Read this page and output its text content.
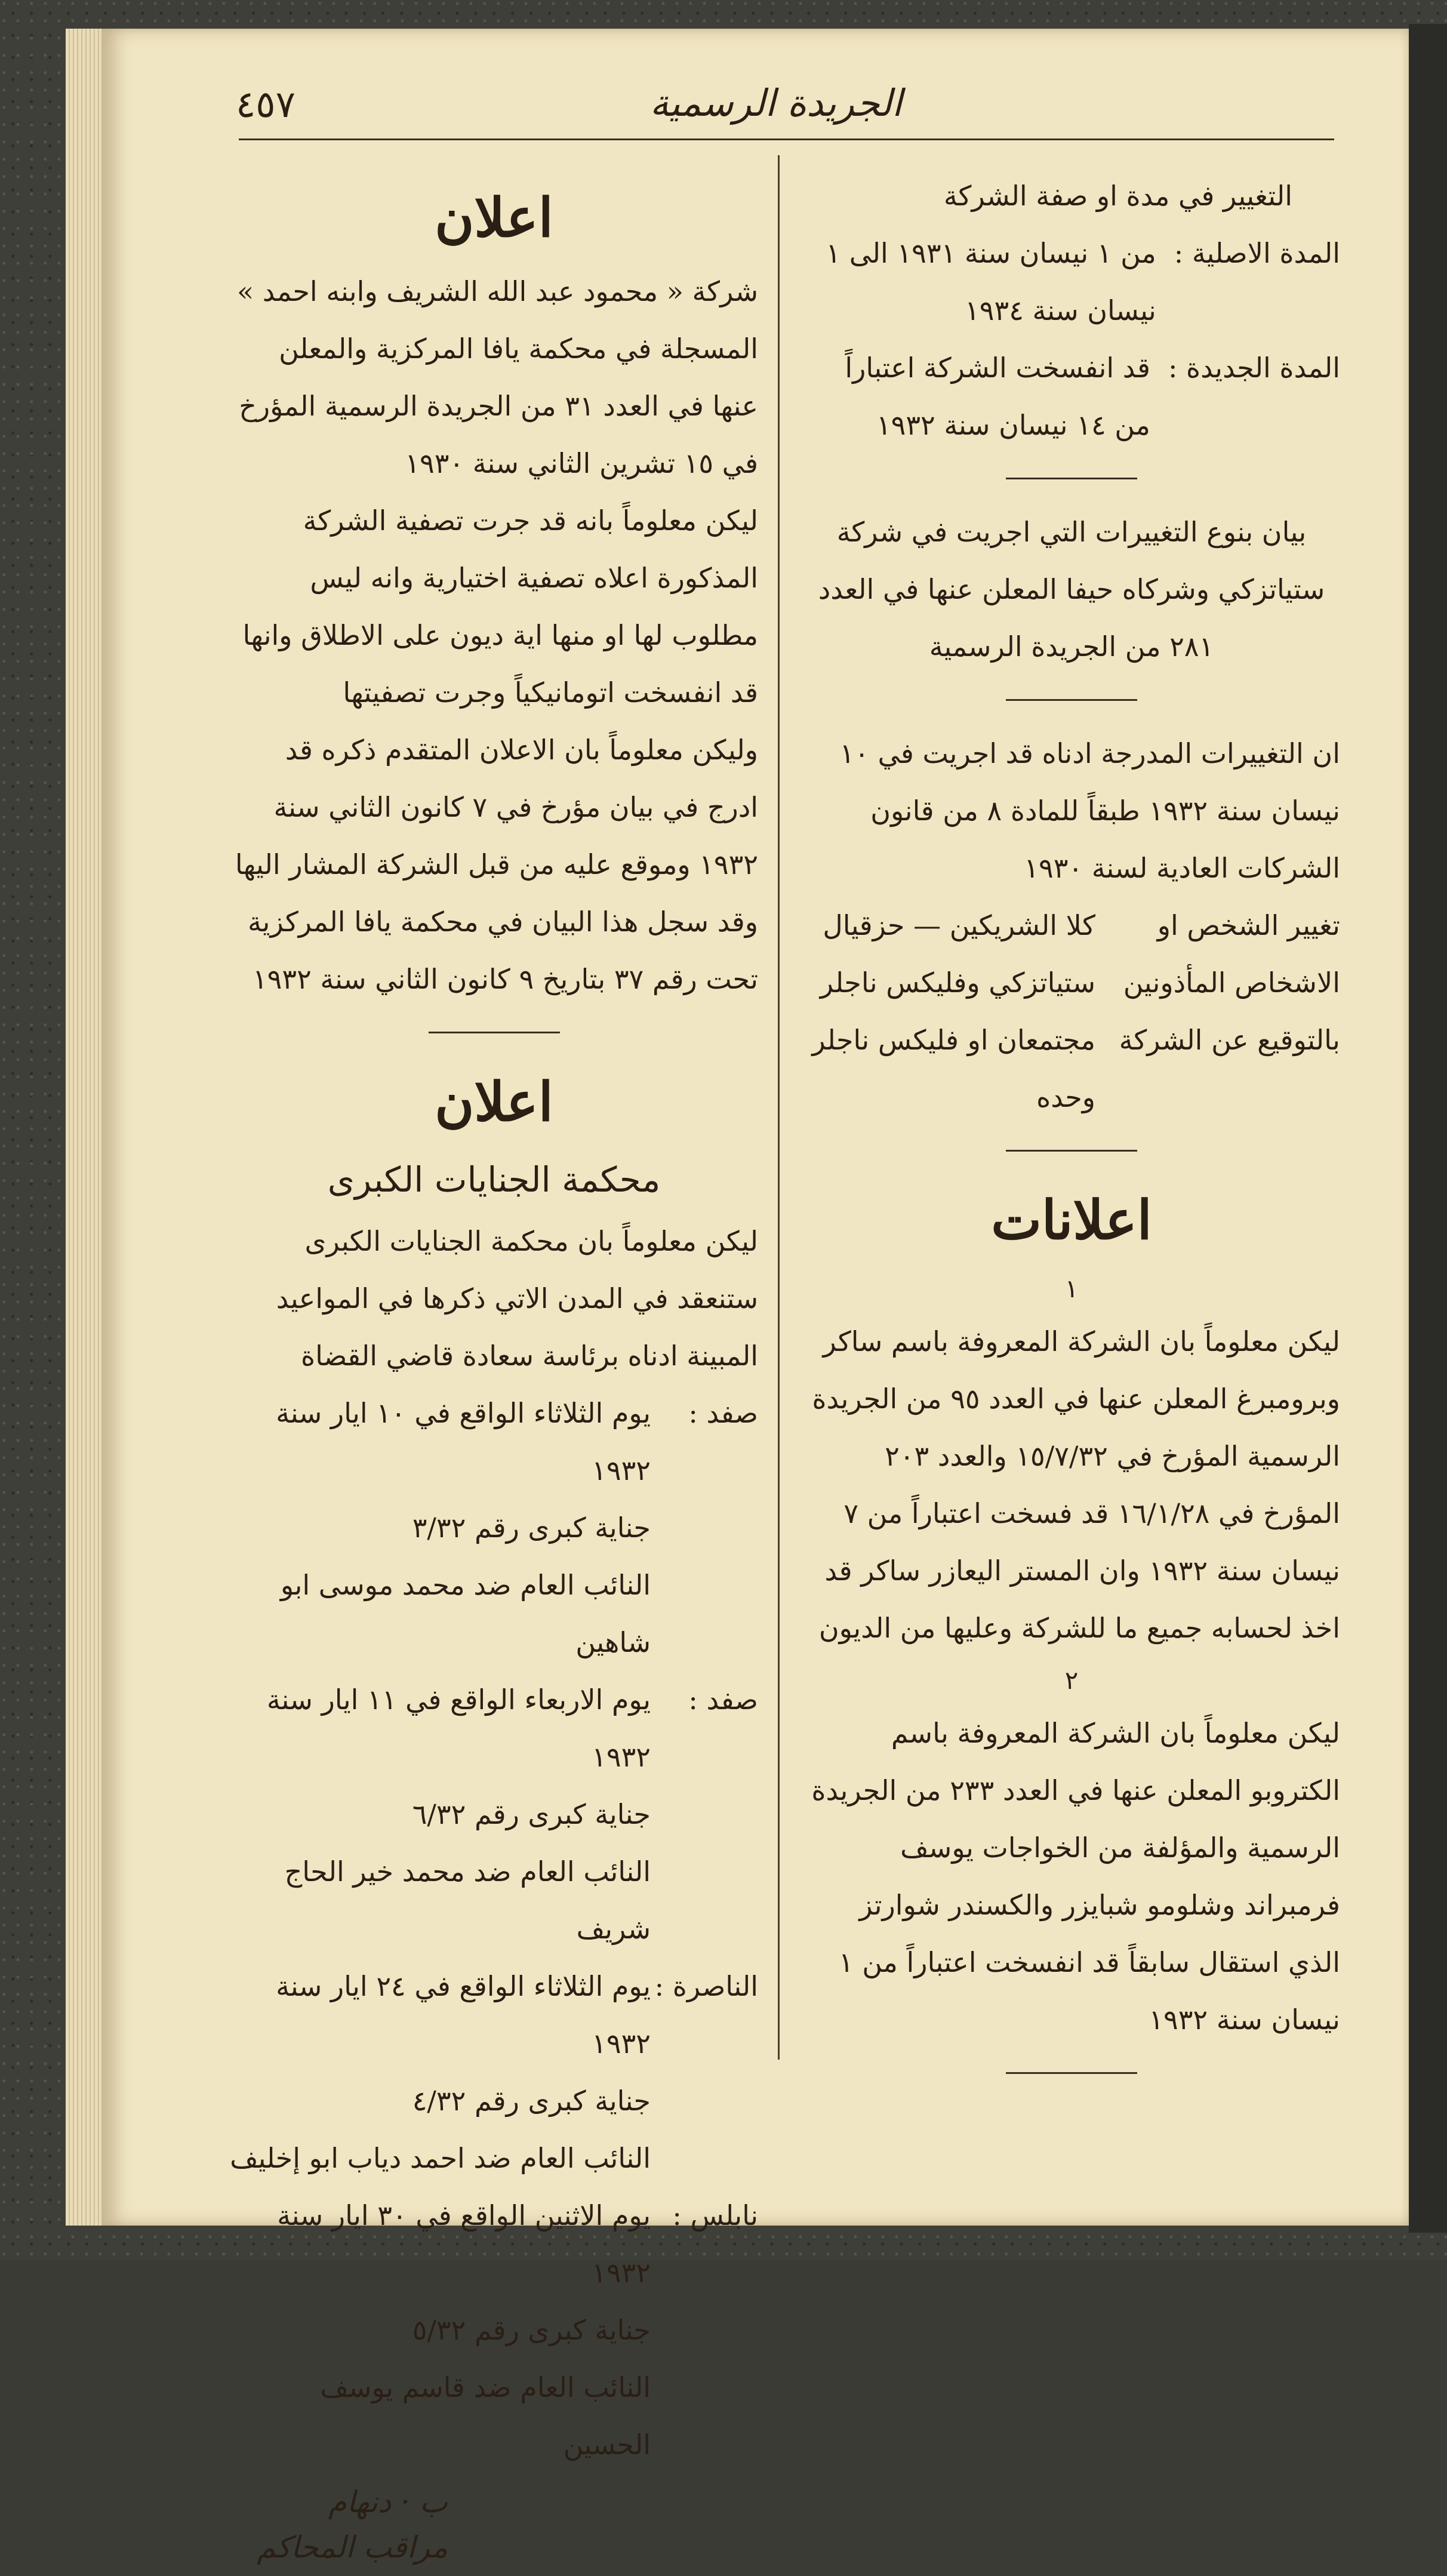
٤٥٧	الجريدة الرسمية

التغيير في مدة او صفة الشركة

المدة الاصلية :
من ١ نيسان سنة ١٩٣١ الى ١ نيسان سنة ١٩٣٤
المدة الجديدة :
قد انفسخت الشركة اعتباراً من ١٤ نيسان سنة ١٩٣٢

بيان بنوع التغييرات التي اجريت في شركة ستياتزكي وشركاه حيفا المعلن عنها في العدد ٢٨١ من الجريدة الرسمية

ان التغييرات المدرجة ادناه قد اجريت في ١٠ نيسان سنة ١٩٣٢ طبقاً للمادة ٨ من قانون الشركات العادية لسنة ١٩٣٠

تغيير الشخص او الاشخاص المأذونين بالتوقيع عن الشركة
كلا الشريكين — حزقيال ستياتزكي وفليكس ناجلر مجتمعان او فليكس ناجلر وحده

اعلانات

١

ليكن معلوماً بان الشركة المعروفة باسم ساكر وبرومبرغ المعلن عنها في العدد ٩٥ من الجريدة الرسمية المؤرخ في ١٥/٧/٣٢ والعدد ٢٠٣ المؤرخ في ١٦/١/٢٨ قد فسخت اعتباراً من ٧ نيسان سنة ١٩٣٢ وان المستر اليعازر ساكر قد اخذ لحسابه جميع ما للشركة وعليها من الديون

٢

ليكن معلوماً بان الشركة المعروفة باسم الكتروبو المعلن عنها في العدد ٢٣٣ من الجريدة الرسمية والمؤلفة من الخواجات يوسف فرمبراند وشلومو شبايزر والكسندر شوارتز الذي استقال سابقاً قد انفسخت اعتباراً من ١ نيسان سنة ١٩٣٢

اعلان

شركة « محمود عبد الله الشريف وابنه احمد » المسجلة في محكمة يافا المركزية والمعلن عنها في العدد ٣١ من الجريدة الرسمية المؤرخ في ١٥ تشرين الثاني سنة ١٩٣٠

ليكن معلوماً بانه قد جرت تصفية الشركة المذكورة اعلاه تصفية اختيارية وانه ليس مطلوب لها او منها اية ديون على الاطلاق وانها قد انفسخت اتومانيكياً وجرت تصفيتها

وليكن معلوماً بان الاعلان المتقدم ذكره قد ادرج في بيان مؤرخ في ٧ كانون الثاني سنة ١٩٣٢ وموقع عليه من قبل الشركة المشار اليها وقد سجل هذا البيان في محكمة يافا المركزية تحت رقم ٣٧ بتاريخ ٩ كانون الثاني سنة ١٩٣٢

اعلان

محكمة الجنايات الكبرى

ليكن معلوماً بان محكمة الجنايات الكبرى ستنعقد في المدن الاتي ذكرها في المواعيد المبينة ادناه برئاسة سعادة قاضي القضاة

صفد :
يوم الثلاثاء الواقع في ١٠ ايار سنة ١٩٣٢
جناية كبرى رقم ٣/٣٢
النائب العام ضد محمد موسى ابو شاهين
صفد :
يوم الاربعاء الواقع في ١١ ايار سنة ١٩٣٢
جناية كبرى رقم ٦/٣٢
النائب العام ضد محمد خير الحاج شريف
الناصرة :
يوم الثلاثاء الواقع في ٢٤ ايار سنة ١٩٣٢
جناية كبرى رقم ٤/٣٢
النائب العام ضد احمد دياب ابو إخليف
نابلس :
يوم الاثنين الواقع في ٣٠ ايار سنة ١٩٣٢
جناية كبرى رقم ٥/٣٢
النائب العام ضد قاسم يوسف الحسين

ب · دنهام

مراقب المحاكم
